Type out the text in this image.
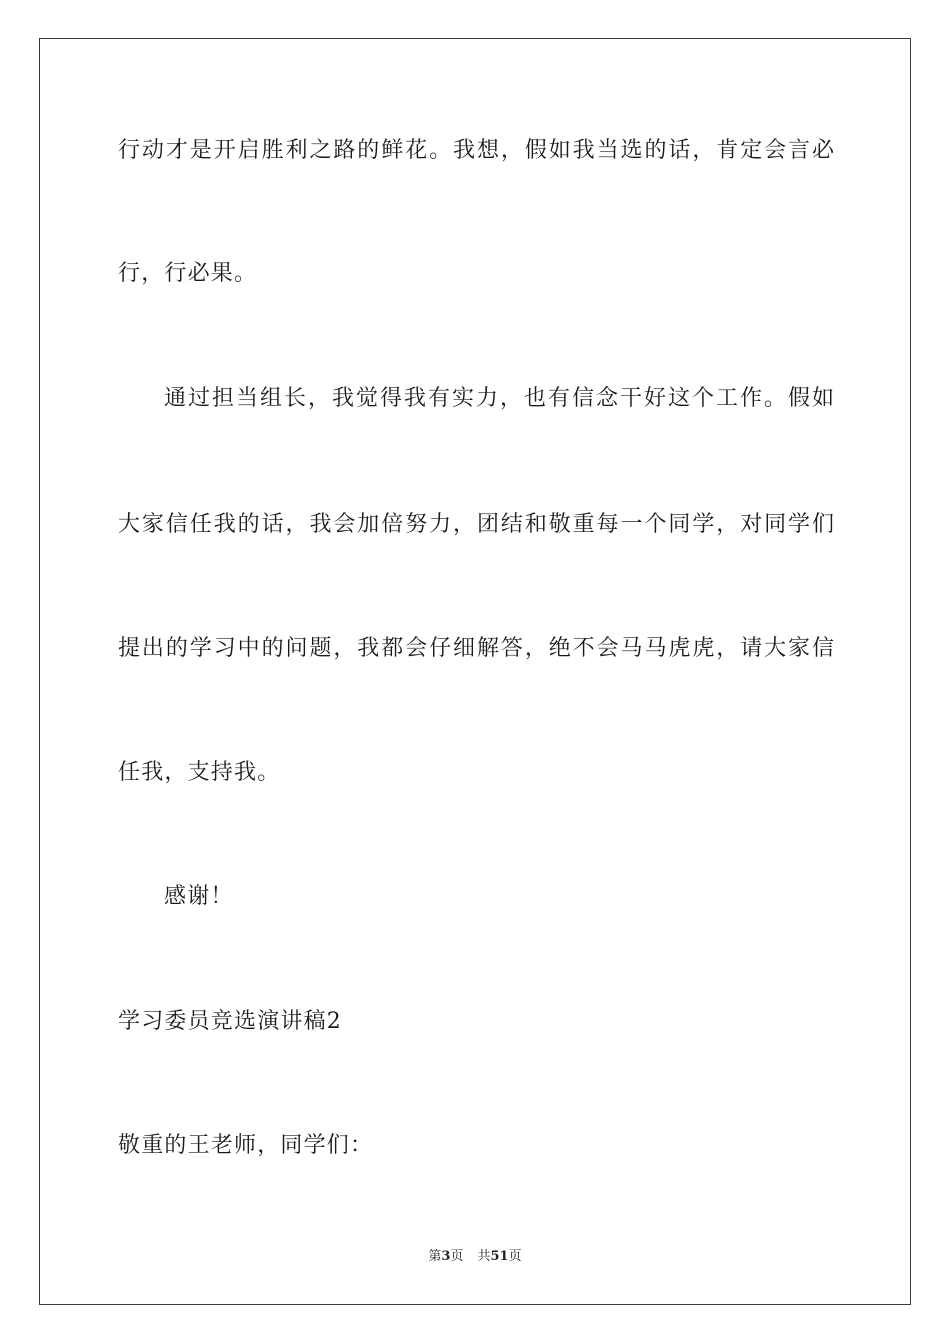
行动才是开启胜利之路的鲜花。我想，假如我当选的话，肯定会言必
行，行必果。
通过担当组长，我觉得我有实力，也有信念干好这个工作。假如
大家信任我的话，我会加倍努力，团结和敬重每一个同学，对同学们
提出的学习中的问题，我都会仔细解答，绝不会马马虎虎，请大家信
任我，支持我。
感谢！
学习委员竞选演讲稿2
敬重的王老师，同学们：
第3页 共51页
